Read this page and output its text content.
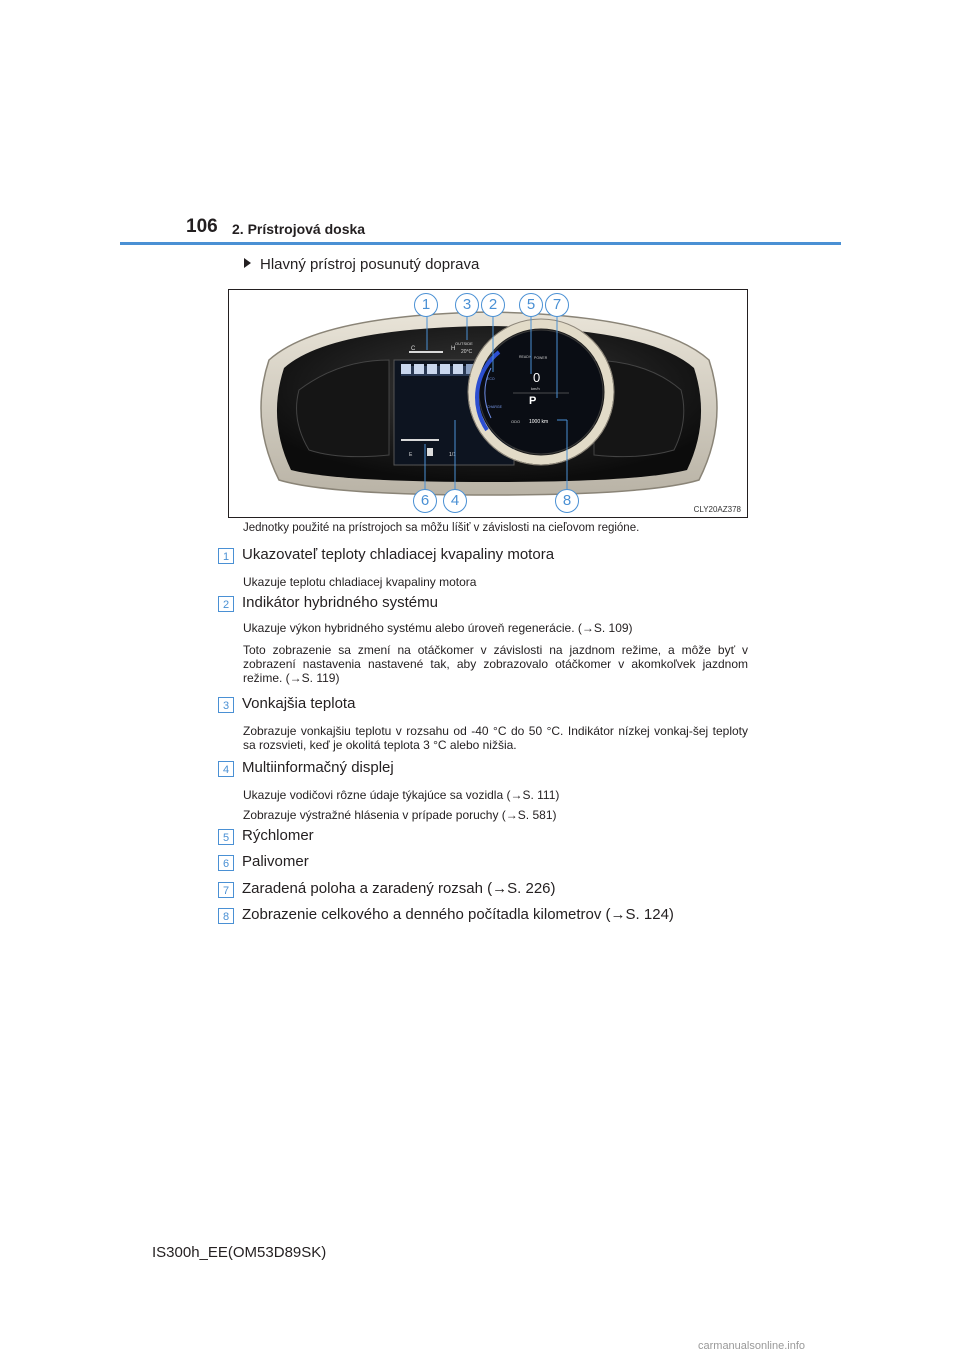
106 2. Prístrojová doska
Hlavný prístroj posunutý doprava
C	H
OUTSIDE
20°C
E	1/1
READY
ECO
CHARGE
POWER
0
km/h
P
ODO 1000 km
1	3	2	5	7
6	4	8
CLY20AZ378
Jednotky použité na prístrojoch sa môžu líšiť v závislosti na cieľovom regióne.
1 Ukazovateľ teploty chladiacej kvapaliny motora
Ukazuje teplotu chladiacej kvapaliny motora
2 Indikátor hybridného systému
Ukazuje výkon hybridného systému alebo úroveň regenerácie. (→S. 109)
Toto zobrazenie sa zmení na otáčkomer v závislosti na jazdnom režime, a môže byť v zobrazení nastavenia nastavené tak, aby zobrazovalo otáčkomer v akomkoľvek jazdnom režime. (→S. 119)
3 Vonkajšia teplota
Zobrazuje vonkajšiu teplotu v rozsahu od -40 °C do 50 °C. Indikátor nízkej vonkaj-šej teploty sa rozsvieti, keď je okolitá teplota 3 °C alebo nižšia.
4 Multiinformačný displej
Ukazuje vodičovi rôzne údaje týkajúce sa vozidla (→S. 111)
Zobrazuje výstražné hlásenia v prípade poruchy (→S. 581)
5 Rýchlomer
6 Palivomer
7 Zaradená poloha a zaradený rozsah (→S. 226)
8 Zobrazenie celkového a denného počítadla kilometrov (→S. 124)
IS300h_EE(OM53D89SK)
carmanualsonline.info
